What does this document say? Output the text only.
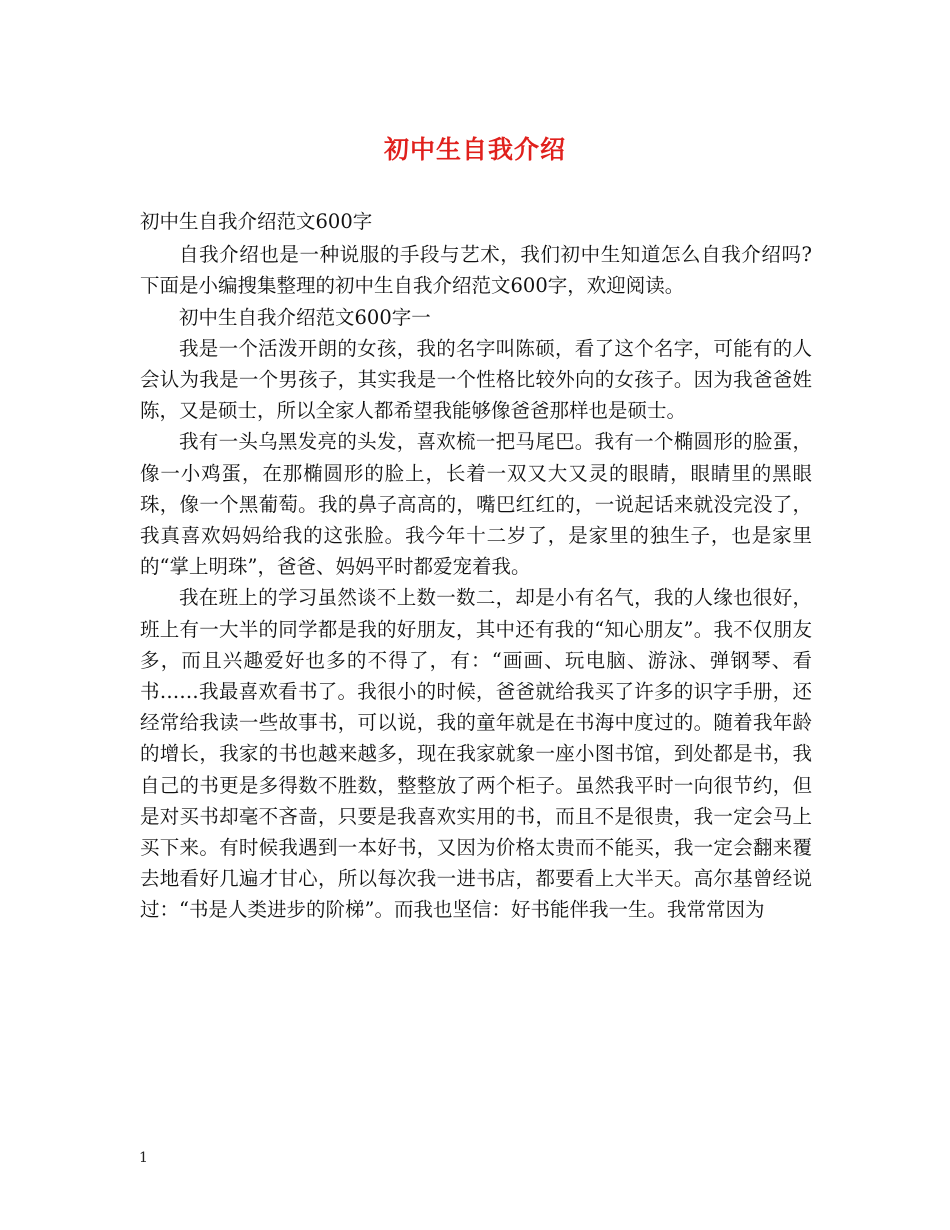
初中生自我介绍

初中生自我介绍范文600字

自我介绍也是一种说服的手段与艺术，我们初中生知道怎么自我介绍吗?下面是小编搜集整理的初中生自我介绍范文600字，欢迎阅读。

初中生自我介绍范文600字一

我是一个活泼开朗的女孩，我的名字叫陈硕，看了这个名字，可能有的人会认为我是一个男孩子，其实我是一个性格比较外向的女孩子。因为我爸爸姓陈，又是硕士，所以全家人都希望我能够像爸爸那样也是硕士。

我有一头乌黑发亮的头发，喜欢梳一把马尾巴。我有一个椭圆形的脸蛋，像一小鸡蛋，在那椭圆形的脸上，长着一双又大又灵的眼睛，眼睛里的黑眼珠，像一个黑葡萄。我的鼻子高高的，嘴巴红红的，一说起话来就没完没了，我真喜欢妈妈给我的这张脸。我今年十二岁了，是家里的独生子，也是家里的“掌上明珠”，爸爸、妈妈平时都爱宠着我。

我在班上的学习虽然谈不上数一数二，却是小有名气，我的人缘也很好，班上有一大半的同学都是我的好朋友，其中还有我的“知心朋友”。我不仅朋友多，而且兴趣爱好也多的不得了，有：“画画、玩电脑、游泳、弹钢琴、看书……我最喜欢看书了。我很小的时候，爸爸就给我买了许多的识字手册，还经常给我读一些故事书，可以说，我的童年就是在书海中度过的。随着我年龄的增长，我家的书也越来越多，现在我家就象一座小图书馆，到处都是书，我自己的书更是多得数不胜数，整整放了两个柜子。虽然我平时一向很节约，但是对买书却毫不吝啬，只要是我喜欢实用的书，而且不是很贵，我一定会马上买下来。有时候我遇到一本好书，又因为价格太贵而不能买，我一定会翻来覆去地看好几遍才甘心，所以每次我一进书店，都要看上大半天。高尔基曾经说过：“书是人类进步的阶梯”。而我也坚信：好书能伴我一生。我常常因为

1
